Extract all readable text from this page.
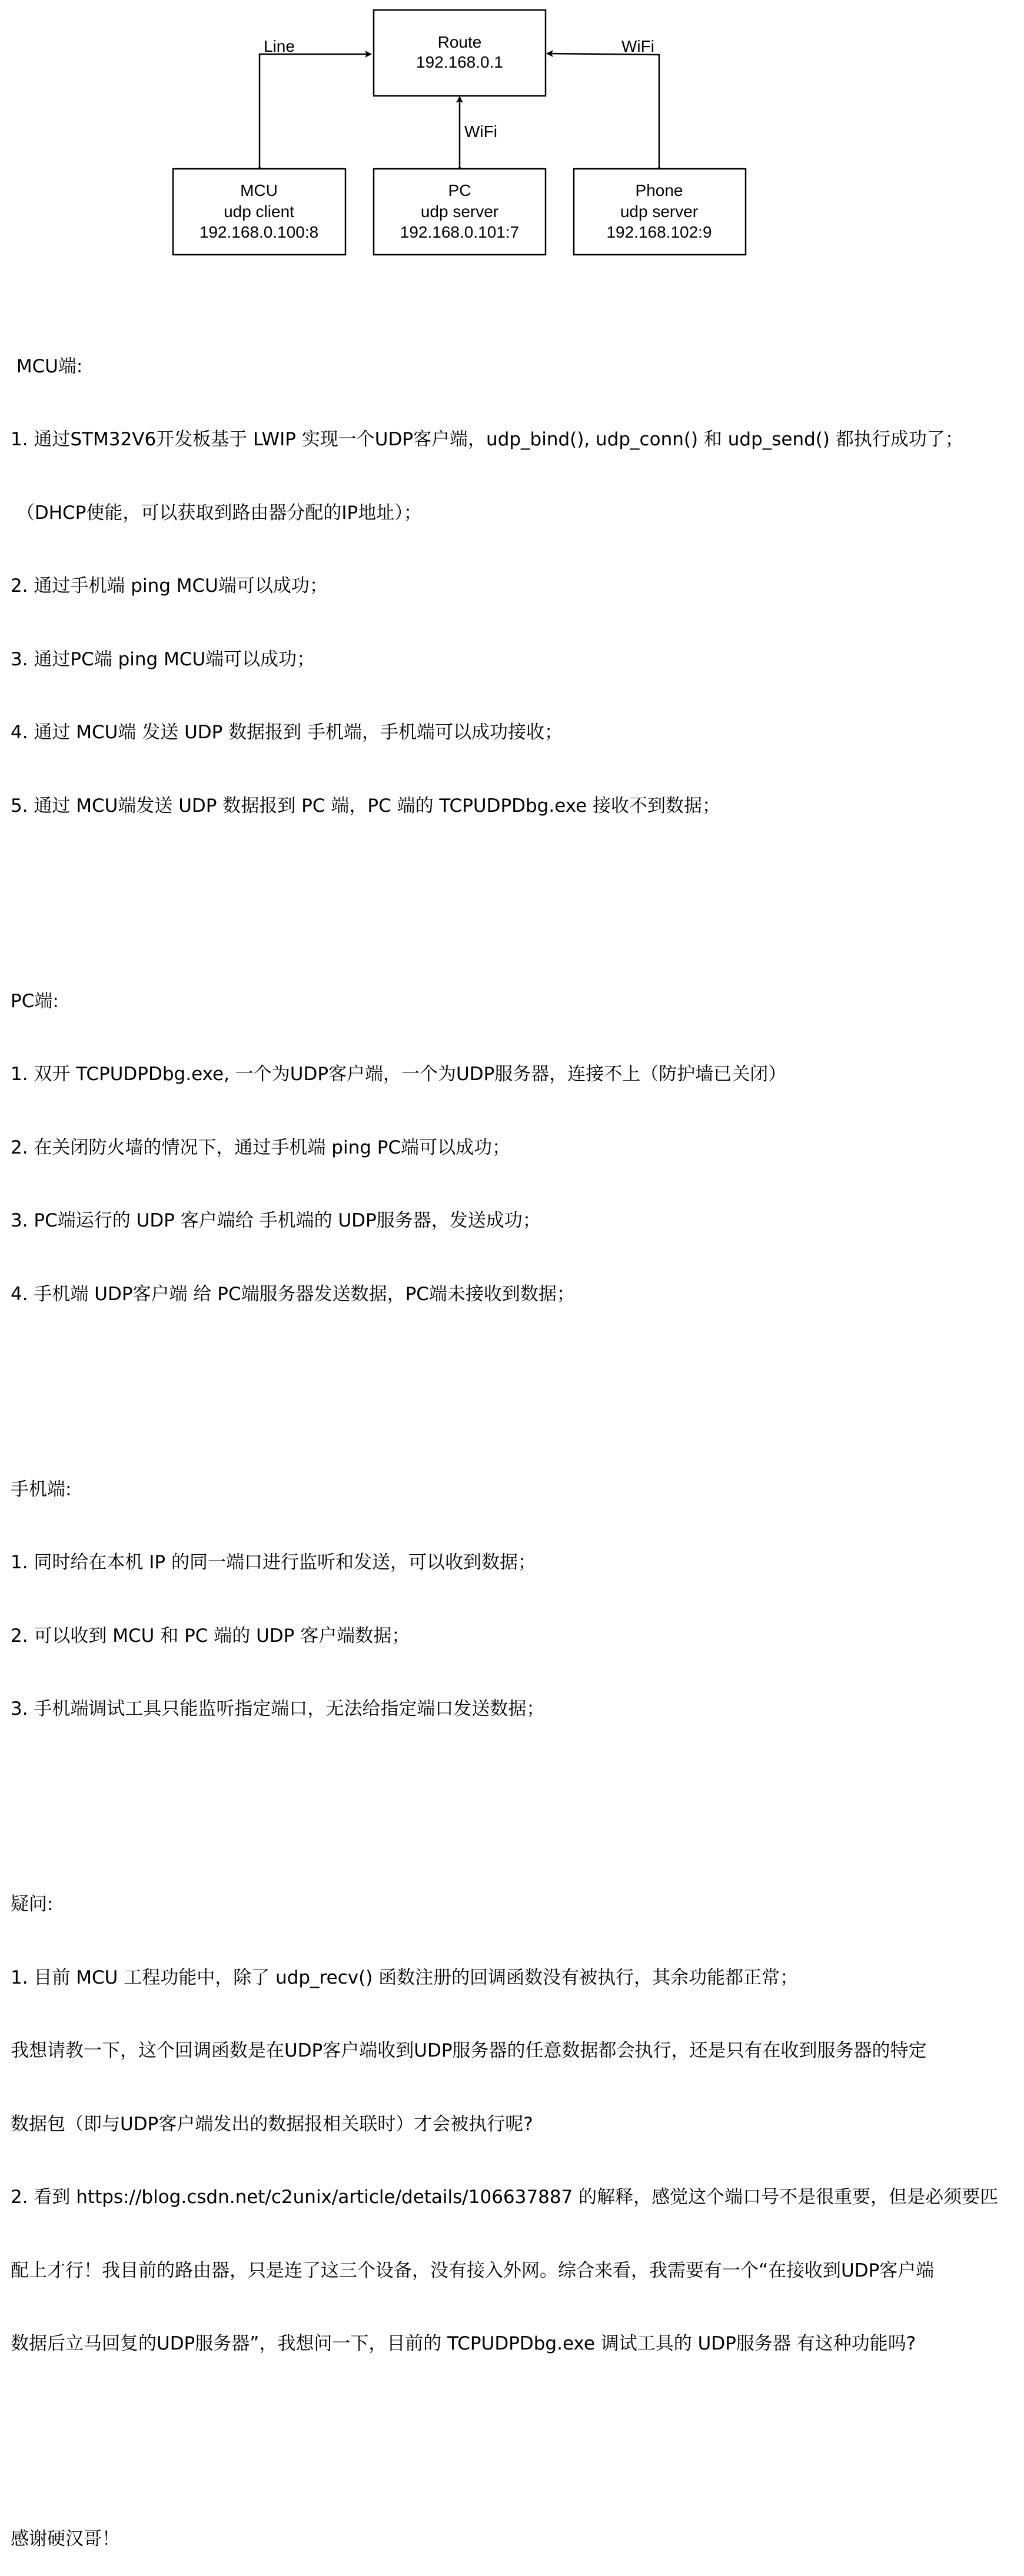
Line
WiFi
WiFi
Route
192.168.0.1
MCU
udp client
192.168.0.100:8
PC
udp server
192.168.0.101:7
Phone
udp server
192.168.102:9

MCU端:

1. 通过STM32V6开发板基于 LWIP 实现一个UDP客户端，udp_bind(), udp_conn() 和 udp_send() 都执行成功了；

（DHCP使能，可以获取到路由器分配的IP地址）；

2. 通过手机端 ping MCU端可以成功；

3. 通过PC端 ping MCU端可以成功；

4. 通过 MCU端 发送 UDP 数据报到 手机端，手机端可以成功接收；

5. 通过 MCU端发送 UDP 数据报到 PC 端，PC 端的 TCPUDPDbg.exe 接收不到数据；

PC端:

1. 双开 TCPUDPDbg.exe, 一个为UDP客户端，一个为UDP服务器，连接不上（防护墙已关闭）

2. 在关闭防火墙的情况下，通过手机端 ping PC端可以成功；

3. PC端运行的 UDP 客户端给 手机端的 UDP服务器，发送成功；

4. 手机端 UDP客户端 给 PC端服务器发送数据，PC端未接收到数据；

手机端:

1. 同时给在本机 IP 的同一端口进行监听和发送，可以收到数据；

2. 可以收到 MCU 和 PC 端的 UDP 客户端数据；

3. 手机端调试工具只能监听指定端口，无法给指定端口发送数据；

疑问:

1. 目前 MCU 工程功能中，除了 udp_recv() 函数注册的回调函数没有被执行，其余功能都正常；

我想请教一下，这个回调函数是在UDP客户端收到UDP服务器的任意数据都会执行，还是只有在收到服务器的特定

数据包（即与UDP客户端发出的数据报相关联时）才会被执行呢?

2. 看到 https://blog.csdn.net/c2unix/article/details/106637887 的解释，感觉这个端口号不是很重要，但是必须要匹

配上才行！我目前的路由器，只是连了这三个设备，没有接入外网。综合来看，我需要有一个“在接收到UDP客户端

数据后立马回复的UDP服务器”，我想问一下，目前的 TCPUDPDbg.exe 调试工具的 UDP服务器 有这种功能吗?

感谢硬汉哥！
